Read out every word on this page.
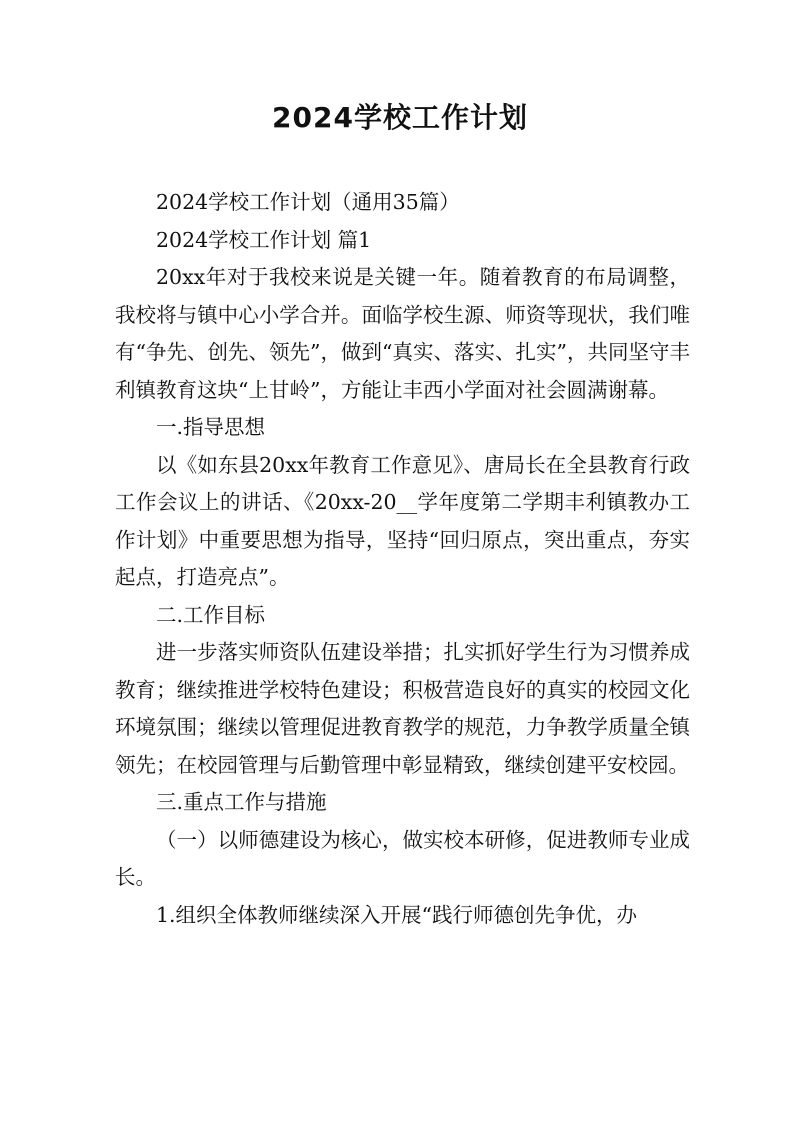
2024学校工作计划

2024学校工作计划（通用35篇）

2024学校工作计划 篇1

20xx年对于我校来说是关键一年。随着教育的布局调整，我校将与镇中心小学合并。面临学校生源、师资等现状，我们唯有“争先、创先、领先”，做到“真实、落实、扎实”，共同坚守丰利镇教育这块“上甘岭”，方能让丰西小学面对社会圆满谢幕。

一.指导思想

以《如东县20xx年教育工作意见》、唐局长在全县教育行政工作会议上的讲话、《20xx-20__学年度第二学期丰利镇教办工作计划》中重要思想为指导，坚持“回归原点，突出重点，夯实起点，打造亮点”。

二.工作目标

进一步落实师资队伍建设举措；扎实抓好学生行为习惯养成教育；继续推进学校特色建设；积极营造良好的真实的校园文化环境氛围；继续以管理促进教育教学的规范，力争教学质量全镇领先；在校园管理与后勤管理中彰显精致，继续创建平安校园。

三.重点工作与措施

（一）以师德建设为核心，做实校本研修，促进教师专业成长。

1.组织全体教师继续深入开展“践行师德创先争优，办
